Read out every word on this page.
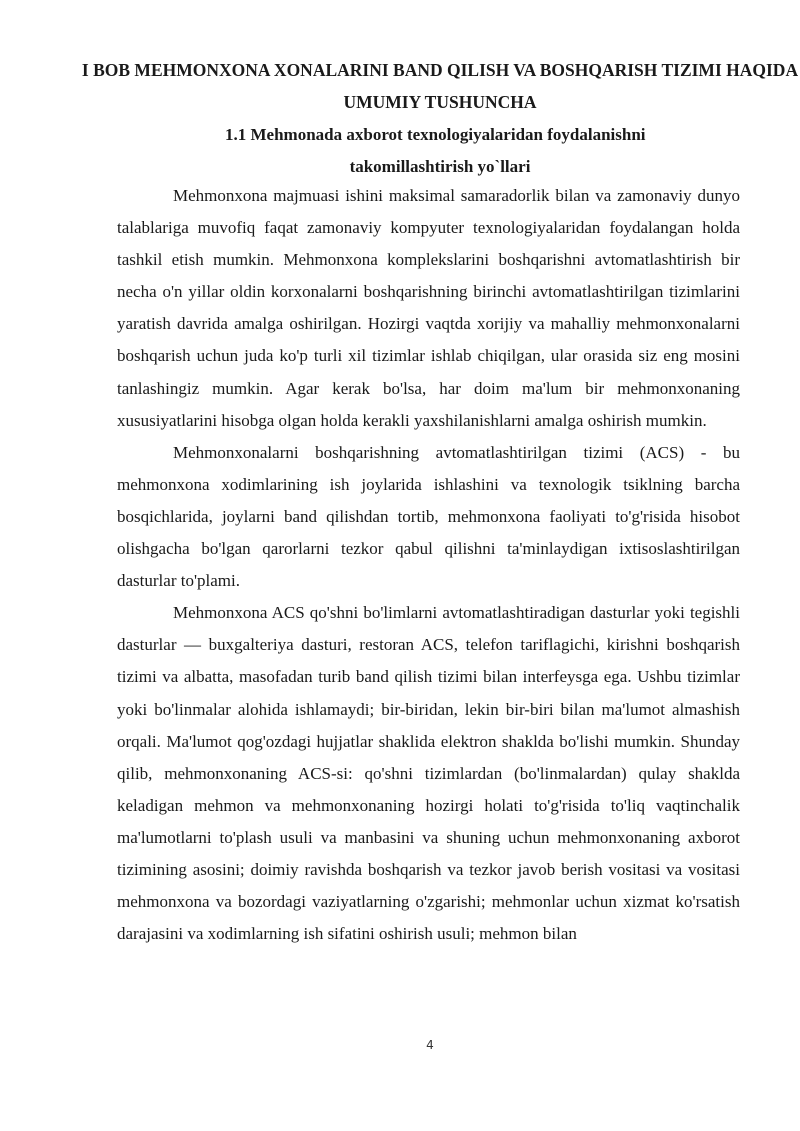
I BOB MEHMONXONA XONALARINI BAND QILISH VA BOSHQARISH TIZIMI HAQIDA UMUMIY TUSHUNCHA
1.1 Mehmonada axborot texnologiyalaridan foydalanishni
takomillashtirish yo`llari

Mehmonxona majmuasi ishini maksimal samaradorlik bilan va zamonaviy dunyo talablariga muvofiq faqat zamonaviy kompyuter texnologiyalaridan foydalangan holda tashkil etish mumkin. Mehmonxona komplekslarini boshqarishni avtomatlashtirish bir necha o'n yillar oldin korxonalarni boshqarishning birinchi avtomatlashtirilgan tizimlarini yaratish davrida amalga oshirilgan. Hozirgi vaqtda xorijiy va mahalliy mehmonxonalarni boshqarish uchun juda ko'p turli xil tizimlar ishlab chiqilgan, ular orasida siz eng mosini tanlashingiz mumkin. Agar kerak bo'lsa, har doim ma'lum bir mehmonxonaning xususiyatlarini hisobga olgan holda kerakli yaxshilanishlarni amalga oshirish mumkin.

Mehmonxonalarni boshqarishning avtomatlashtirilgan tizimi (ACS) - bu mehmonxona xodimlarining ish joylarida ishlashini va texnologik tsiklning barcha bosqichlarida, joylarni band qilishdan tortib, mehmonxona faoliyati to'g'risida hisobot olishgacha bo'lgan qarorlarni tezkor qabul qilishni ta'minlaydigan ixtisoslashtirilgan dasturlar to'plami.

Mehmonxona ACS qo'shni bo'limlarni avtomatlashtiradigan dasturlar yoki tegishli dasturlar — buxgalteriya dasturi, restoran ACS, telefon tariflagichi, kirishni boshqarish tizimi va albatta, masofadan turib band qilish tizimi bilan interfeysga ega. Ushbu tizimlar yoki bo'linmalar alohida ishlamaydi; bir-biridan, lekin bir-biri bilan ma'lumot almashish orqali. Ma'lumot qog'ozdagi hujjatlar shaklida elektron shaklda bo'lishi mumkin. Shunday qilib, mehmonxonaning ACS-si: qo'shni tizimlardan (bo'linmalardan) qulay shaklda keladigan mehmon va mehmonxonaning hozirgi holati to'g'risida to'liq vaqtinchalik ma'lumotlarni to'plash usuli va manbasini va shuning uchun mehmonxonaning axborot tizimining asosini; doimiy ravishda boshqarish va tezkor javob berish vositasi va vositasi mehmonxona va bozordagi vaziyatlarning o'zgarishi; mehmonlar uchun xizmat ko'rsatish darajasini va xodimlarning ish sifatini oshirish usuli; mehmon bilan

4
